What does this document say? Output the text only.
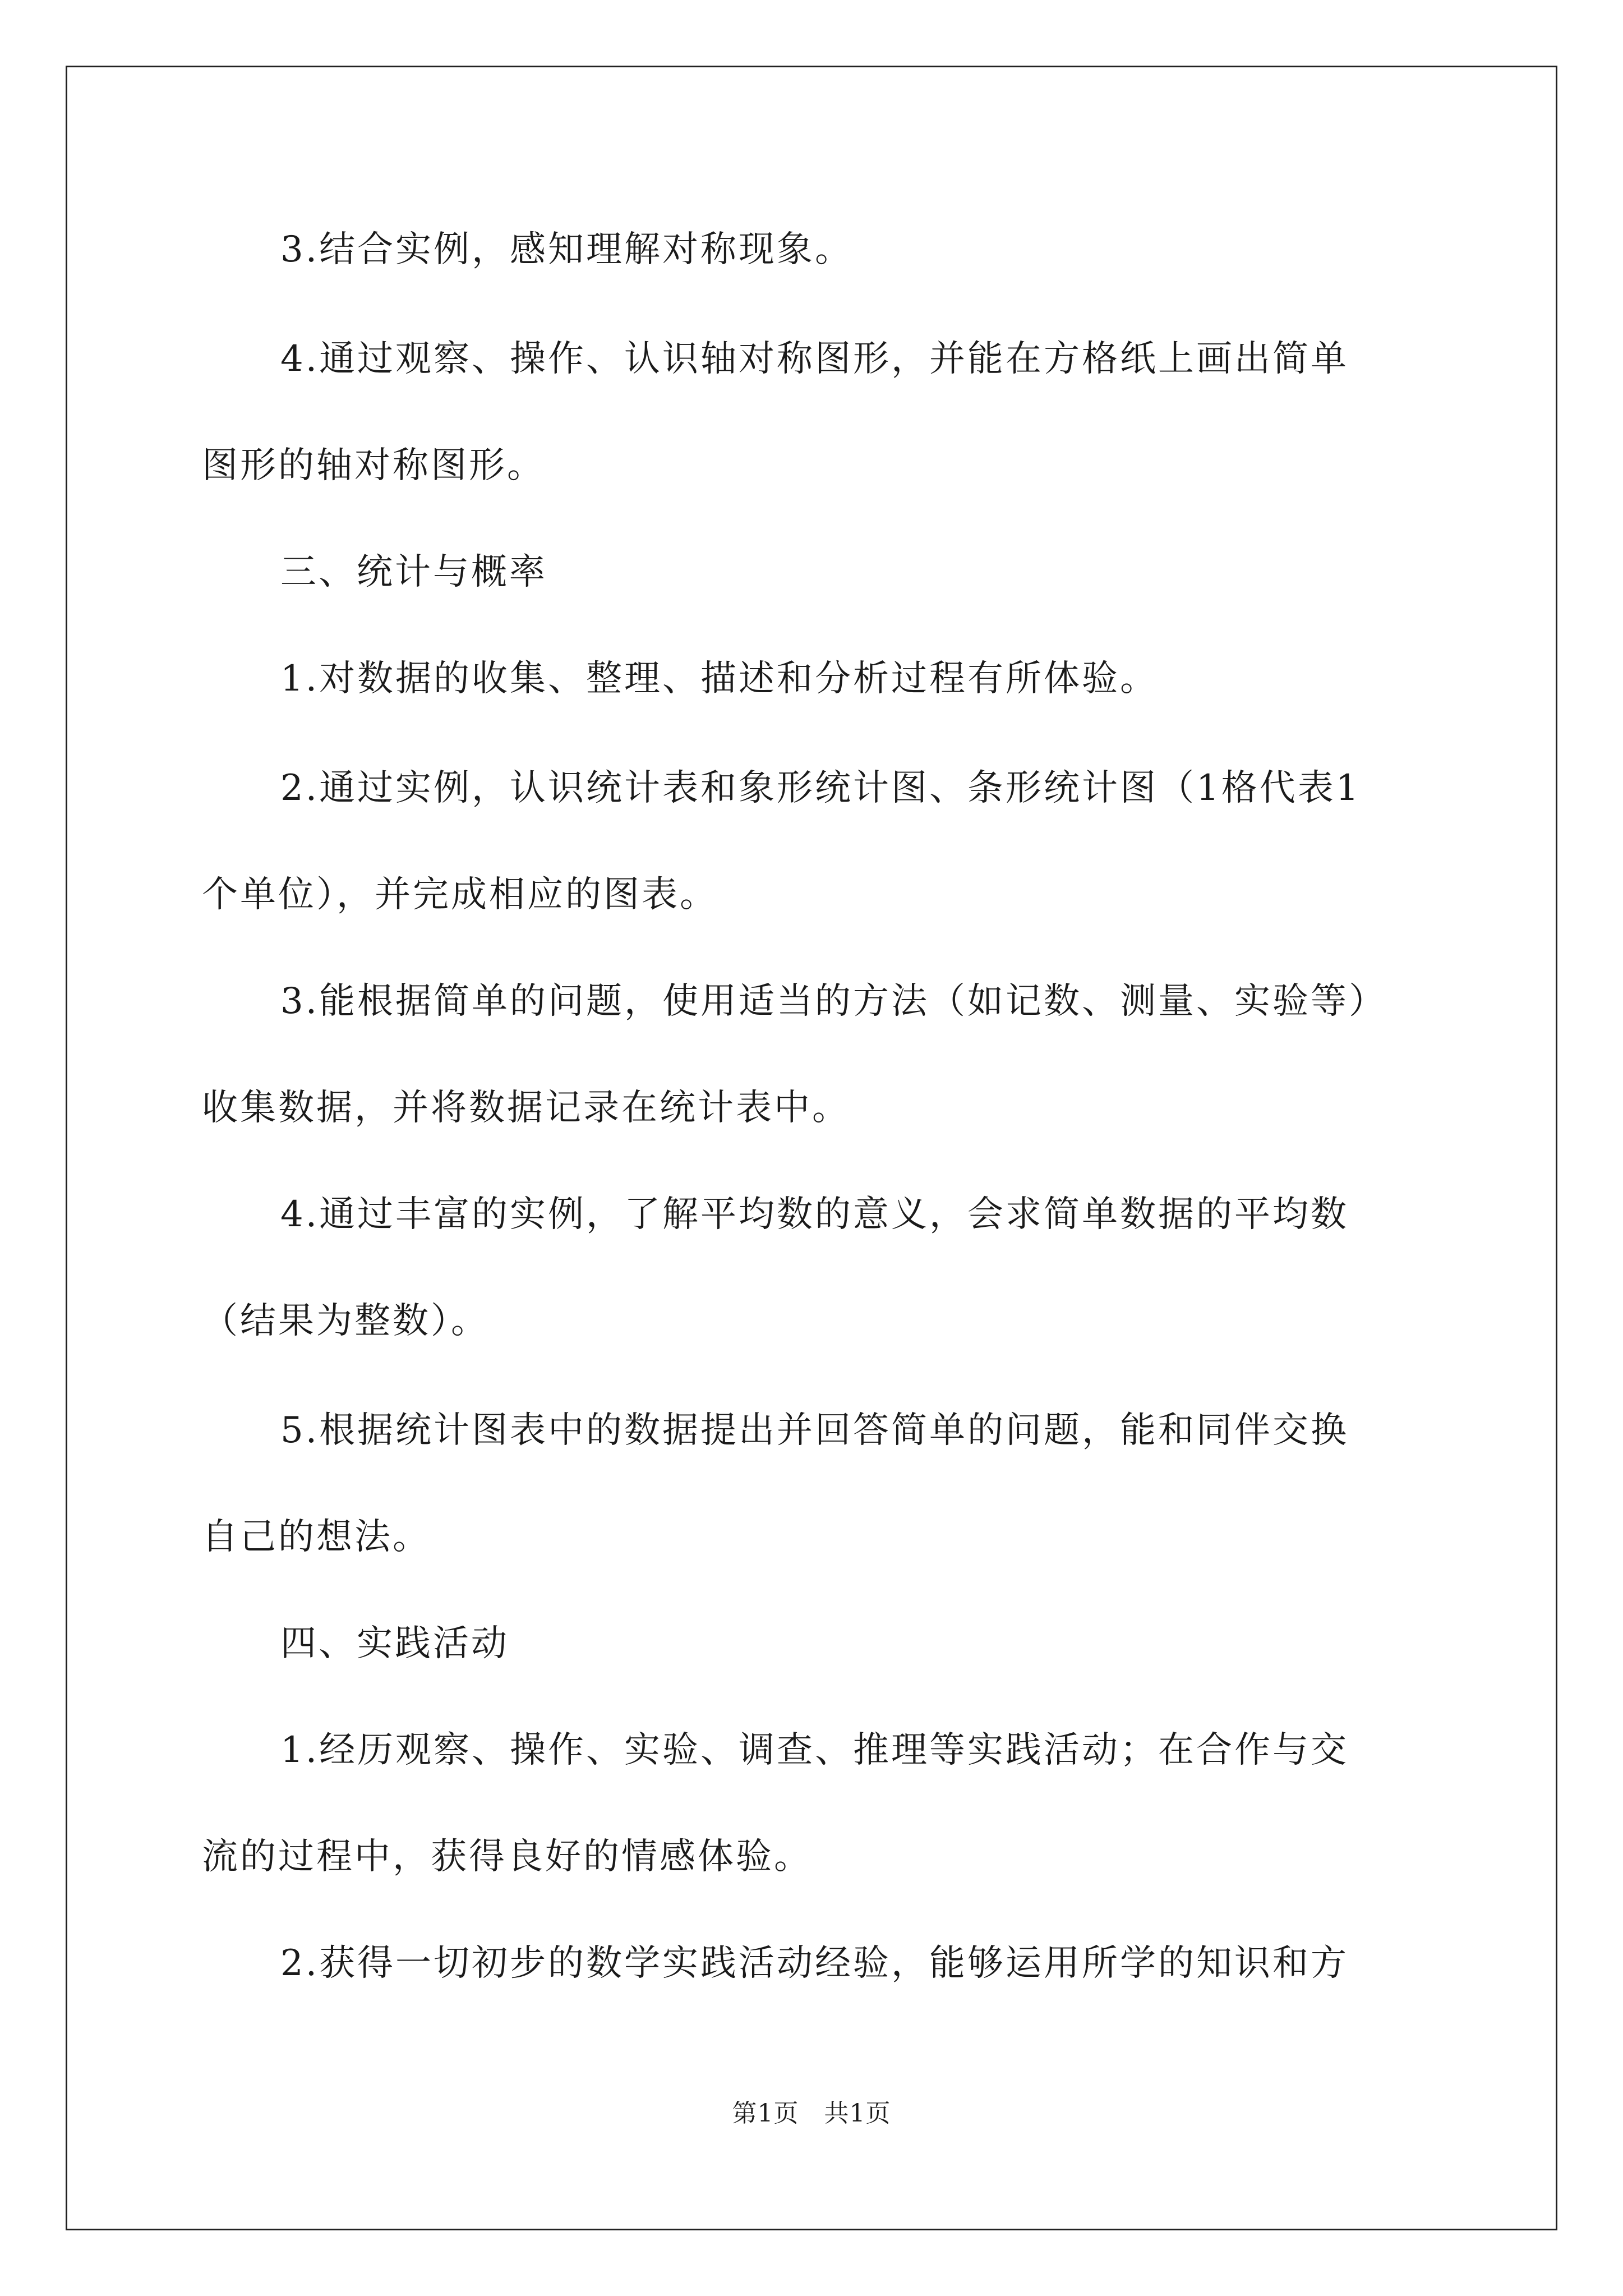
3.结合实例，感知理解对称现象。
4.通过观察、操作、认识轴对称图形，并能在方格纸上画出简单
图形的轴对称图形。
三、统计与概率
1.对数据的收集、整理、描述和分析过程有所体验。
2.通过实例，认识统计表和象形统计图、条形统计图（1格代表1
个单位），并完成相应的图表。
3.能根据简单的问题，使用适当的方法（如记数、测量、实验等）
收集数据，并将数据记录在统计表中。
4.通过丰富的实例，了解平均数的意义，会求简单数据的平均数
（结果为整数）。
5.根据统计图表中的数据提出并回答简单的问题，能和同伴交换
自己的想法。
四、实践活动
1.经历观察、操作、实验、调查、推理等实践活动；在合作与交
流的过程中，获得良好的情感体验。
2.获得一切初步的数学实践活动经验，能够运用所学的知识和方
第1页　共1页
